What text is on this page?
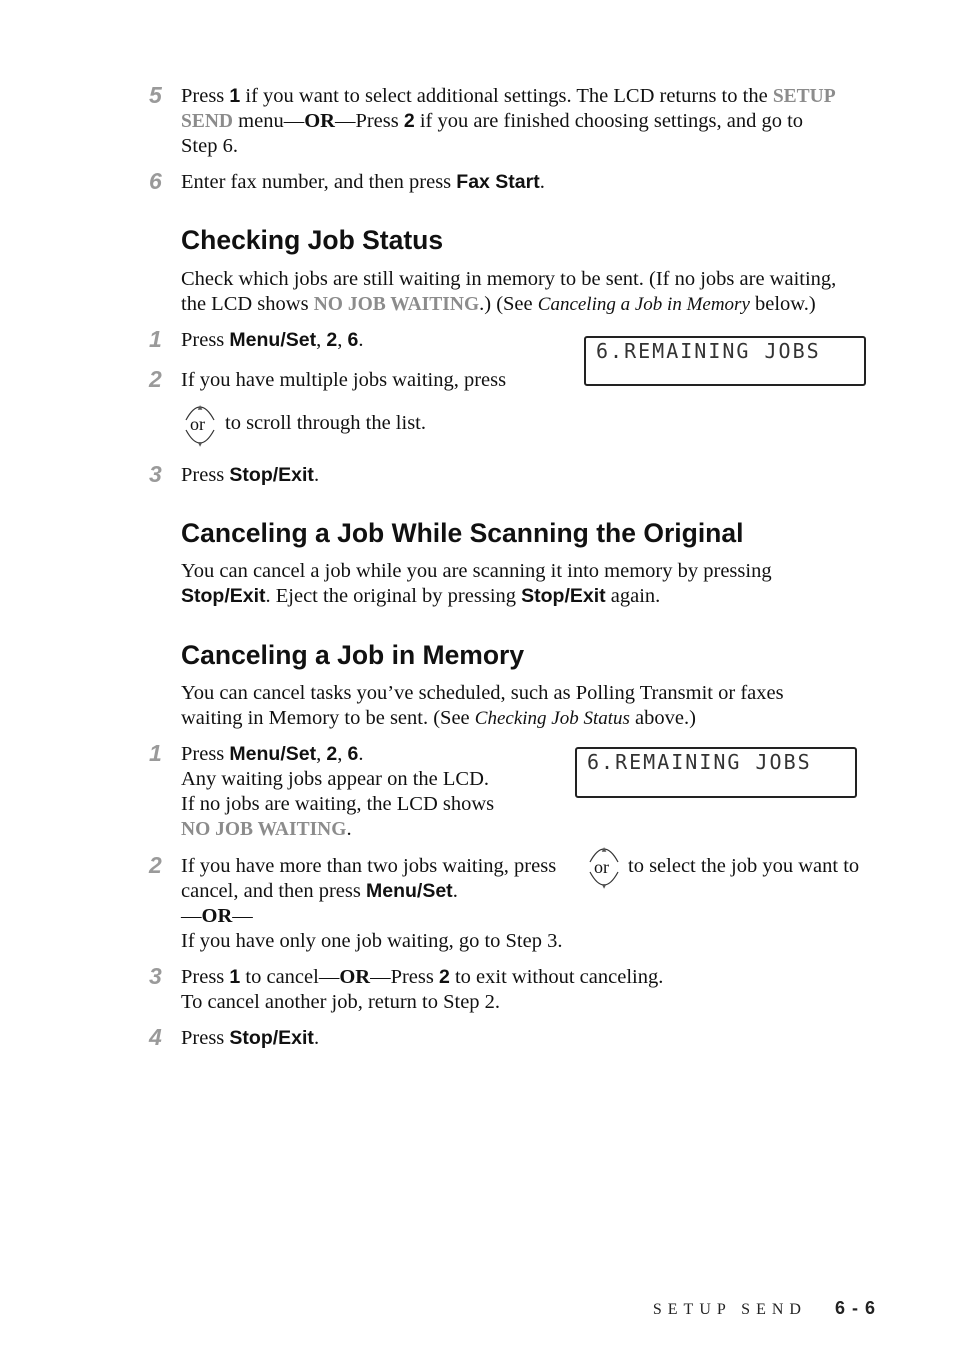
5 Press 1 if you want to select additional settings. The LCD returns to the SETUP
SEND menu—OR—Press 2 if you are finished choosing settings, and go to
Step 6.
6 Enter fax number, and then press Fax Start.
Checking Job Status
Check which jobs are still waiting in memory to be sent. (If no jobs are waiting,
the LCD shows NO JOB WAITING.) (See Canceling a Job in Memory below.)
1 Press Menu/Set, 2, 6.	6.REMAINING JOBS
2 If you have multiple jobs waiting, press
▲
▼
or to scroll through the list.
3 Press Stop/Exit.
Canceling a Job While Scanning the Original
You can cancel a job while you are scanning it into memory by pressing
Stop/Exit. Eject the original by pressing Stop/Exit again.
Canceling a Job in Memory
You can cancel tasks you’ve scheduled, such as Polling Transmit or faxes
waiting in Memory to be sent. (See Checking Job Status above.)
1 Press Menu/Set, 2, 6.
Any waiting jobs appear on the LCD.
If no jobs are waiting, the LCD shows
NO JOB WAITING.
6.REMAINING JOBS
2 If you have more than two jobs waiting, press
▲
▼
or to select the job you want to
cancel, and then press Menu/Set.
—OR—
If you have only one job waiting, go to Step 3.
3 Press 1 to cancel—OR—Press 2 to exit without canceling.
To cancel another job, return to Step 2.
4 Press Stop/Exit.
SETUP SEND 6 - 6
